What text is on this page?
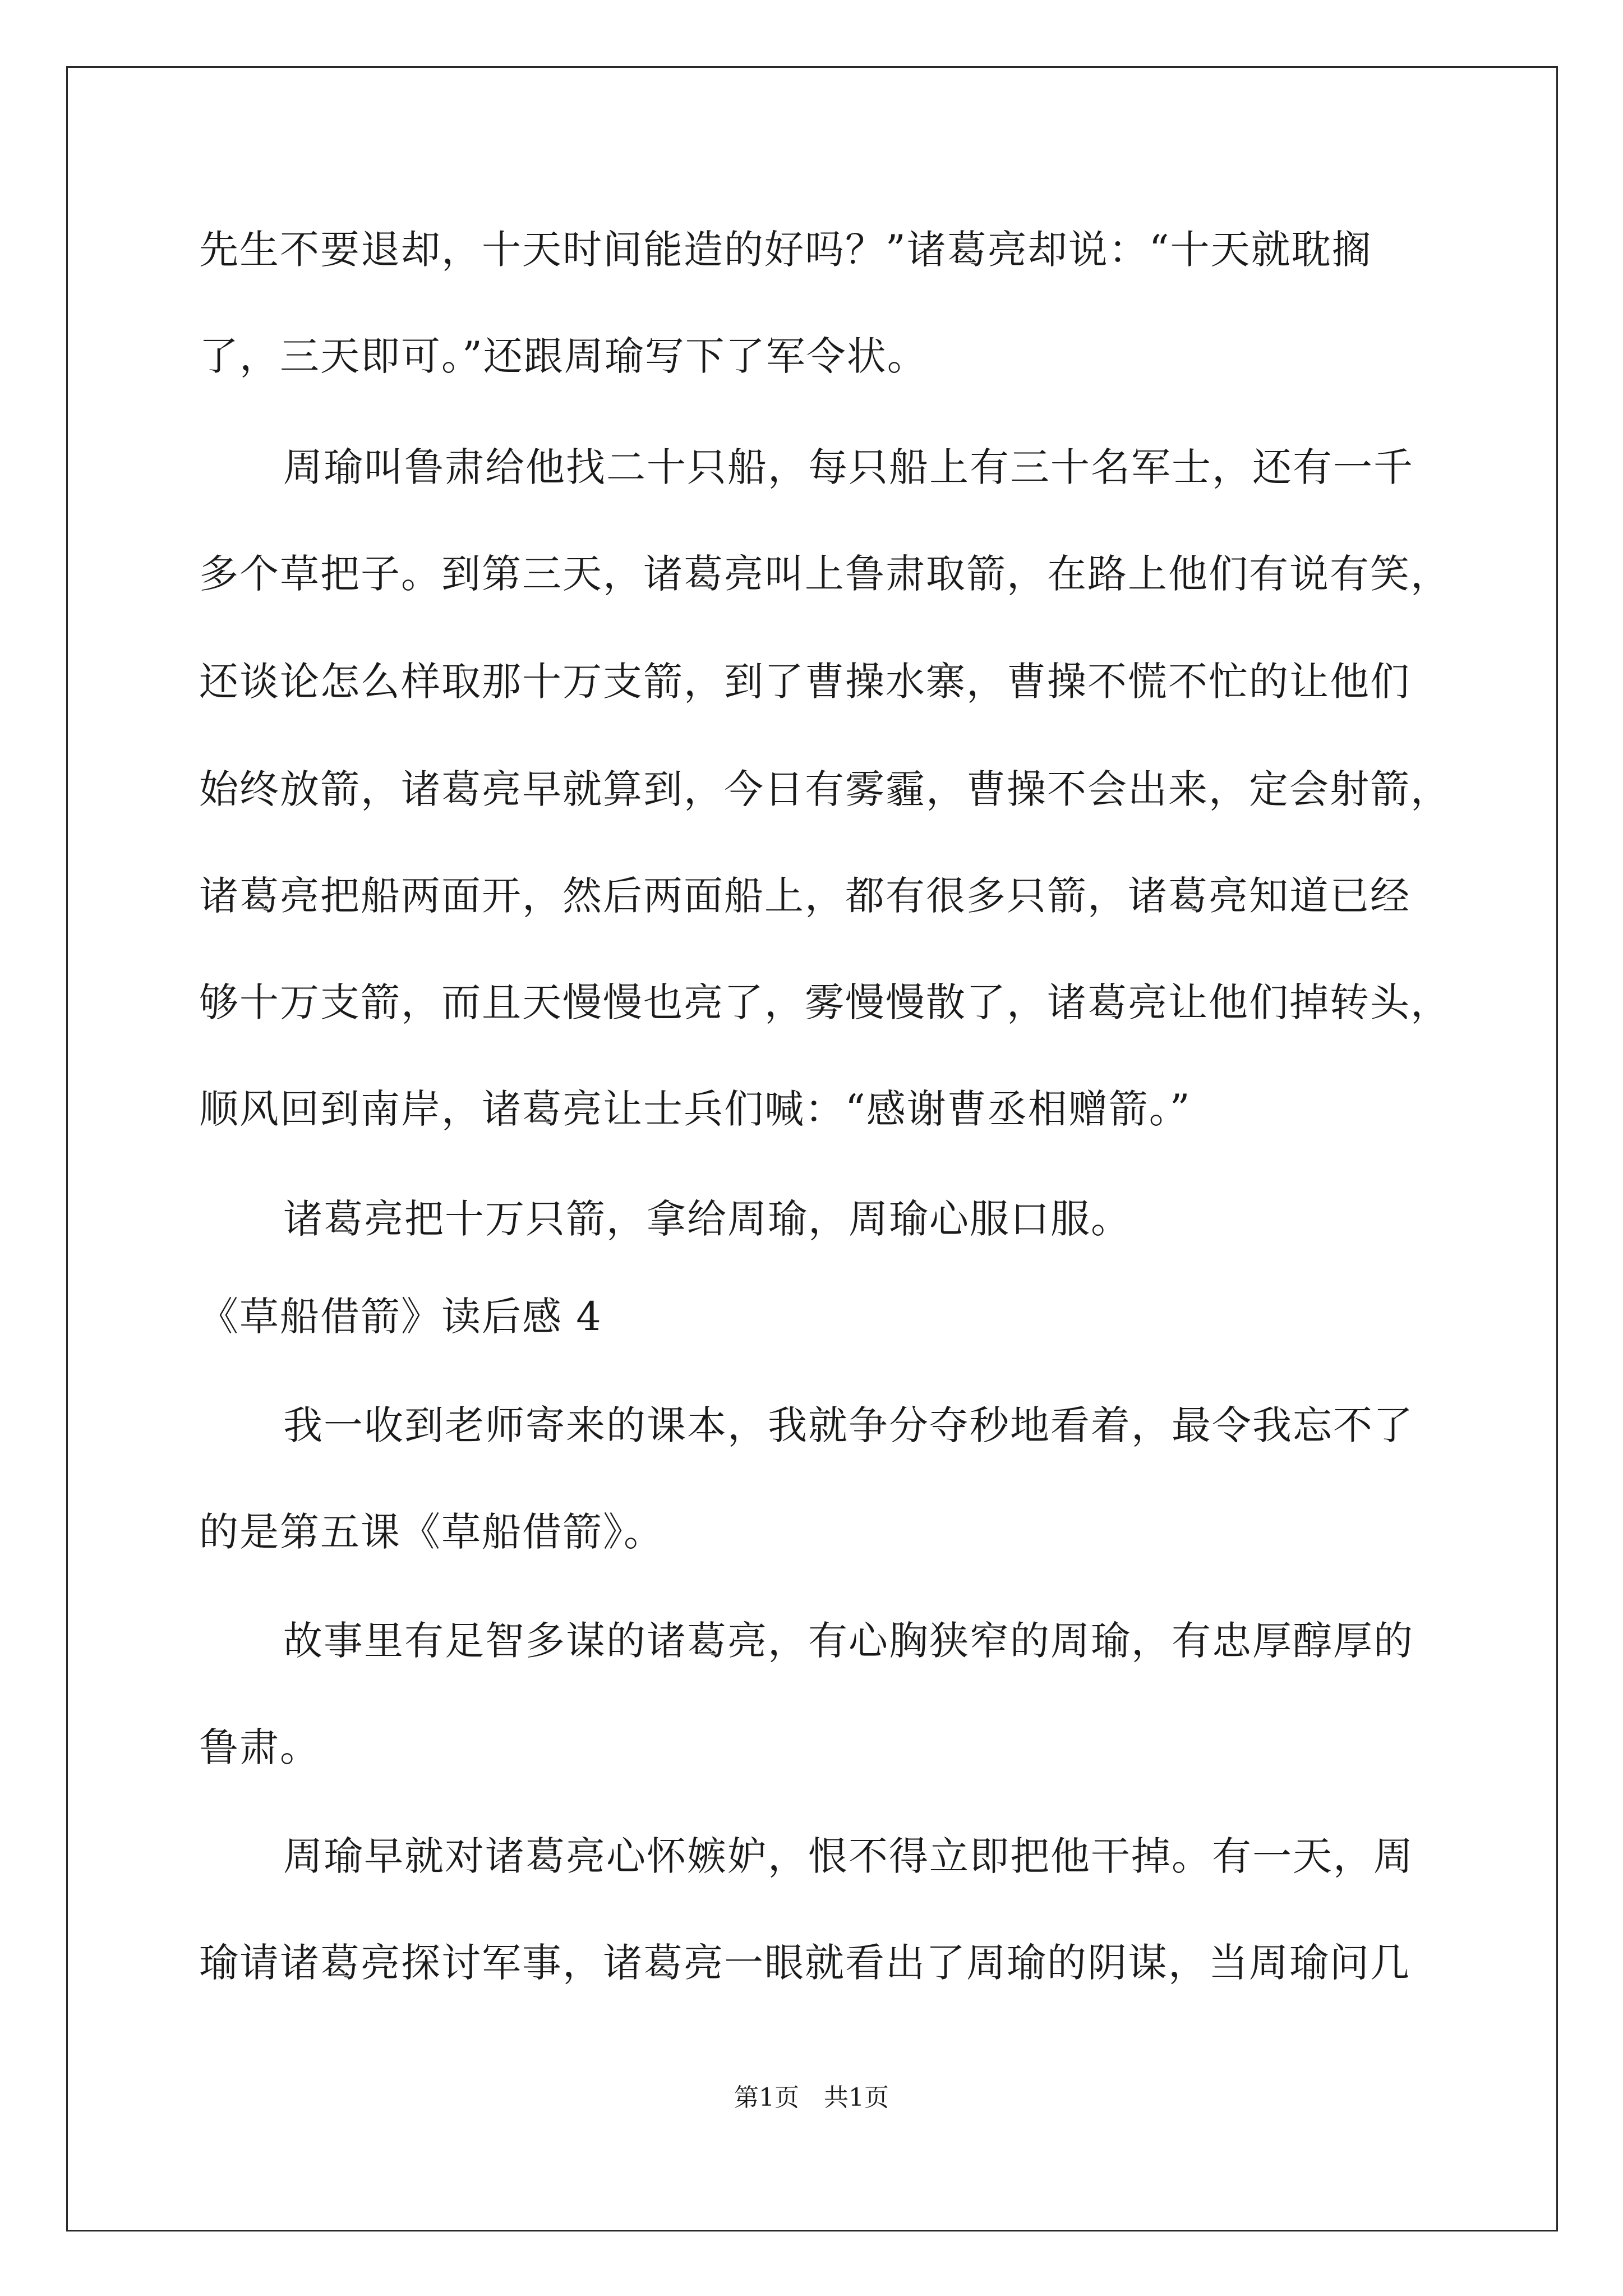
先生不要退却，十天时间能造的好吗？”诸葛亮却说：“十天就耽搁
了，三天即可。”还跟周瑜写下了军令状。
周瑜叫鲁肃给他找二十只船，每只船上有三十名军士，还有一千
多个草把子。到第三天，诸葛亮叫上鲁肃取箭，在路上他们有说有笑，
还谈论怎么样取那十万支箭，到了曹操水寨，曹操不慌不忙的让他们
始终放箭，诸葛亮早就算到，今日有雾霾，曹操不会出来，定会射箭，
诸葛亮把船两面开，然后两面船上，都有很多只箭，诸葛亮知道已经
够十万支箭，而且天慢慢也亮了，雾慢慢散了，诸葛亮让他们掉转头，
顺风回到南岸，诸葛亮让士兵们喊：“感谢曹丞相赠箭。”
诸葛亮把十万只箭，拿给周瑜，周瑜心服口服。
《草船借箭》读后感 4
我一收到老师寄来的课本，我就争分夺秒地看着，最令我忘不了
的是第五课《草船借箭》。
故事里有足智多谋的诸葛亮，有心胸狭窄的周瑜，有忠厚醇厚的
鲁肃。
周瑜早就对诸葛亮心怀嫉妒，恨不得立即把他干掉。有一天，周
瑜请诸葛亮探讨军事，诸葛亮一眼就看出了周瑜的阴谋，当周瑜问几
第1页 共1页
